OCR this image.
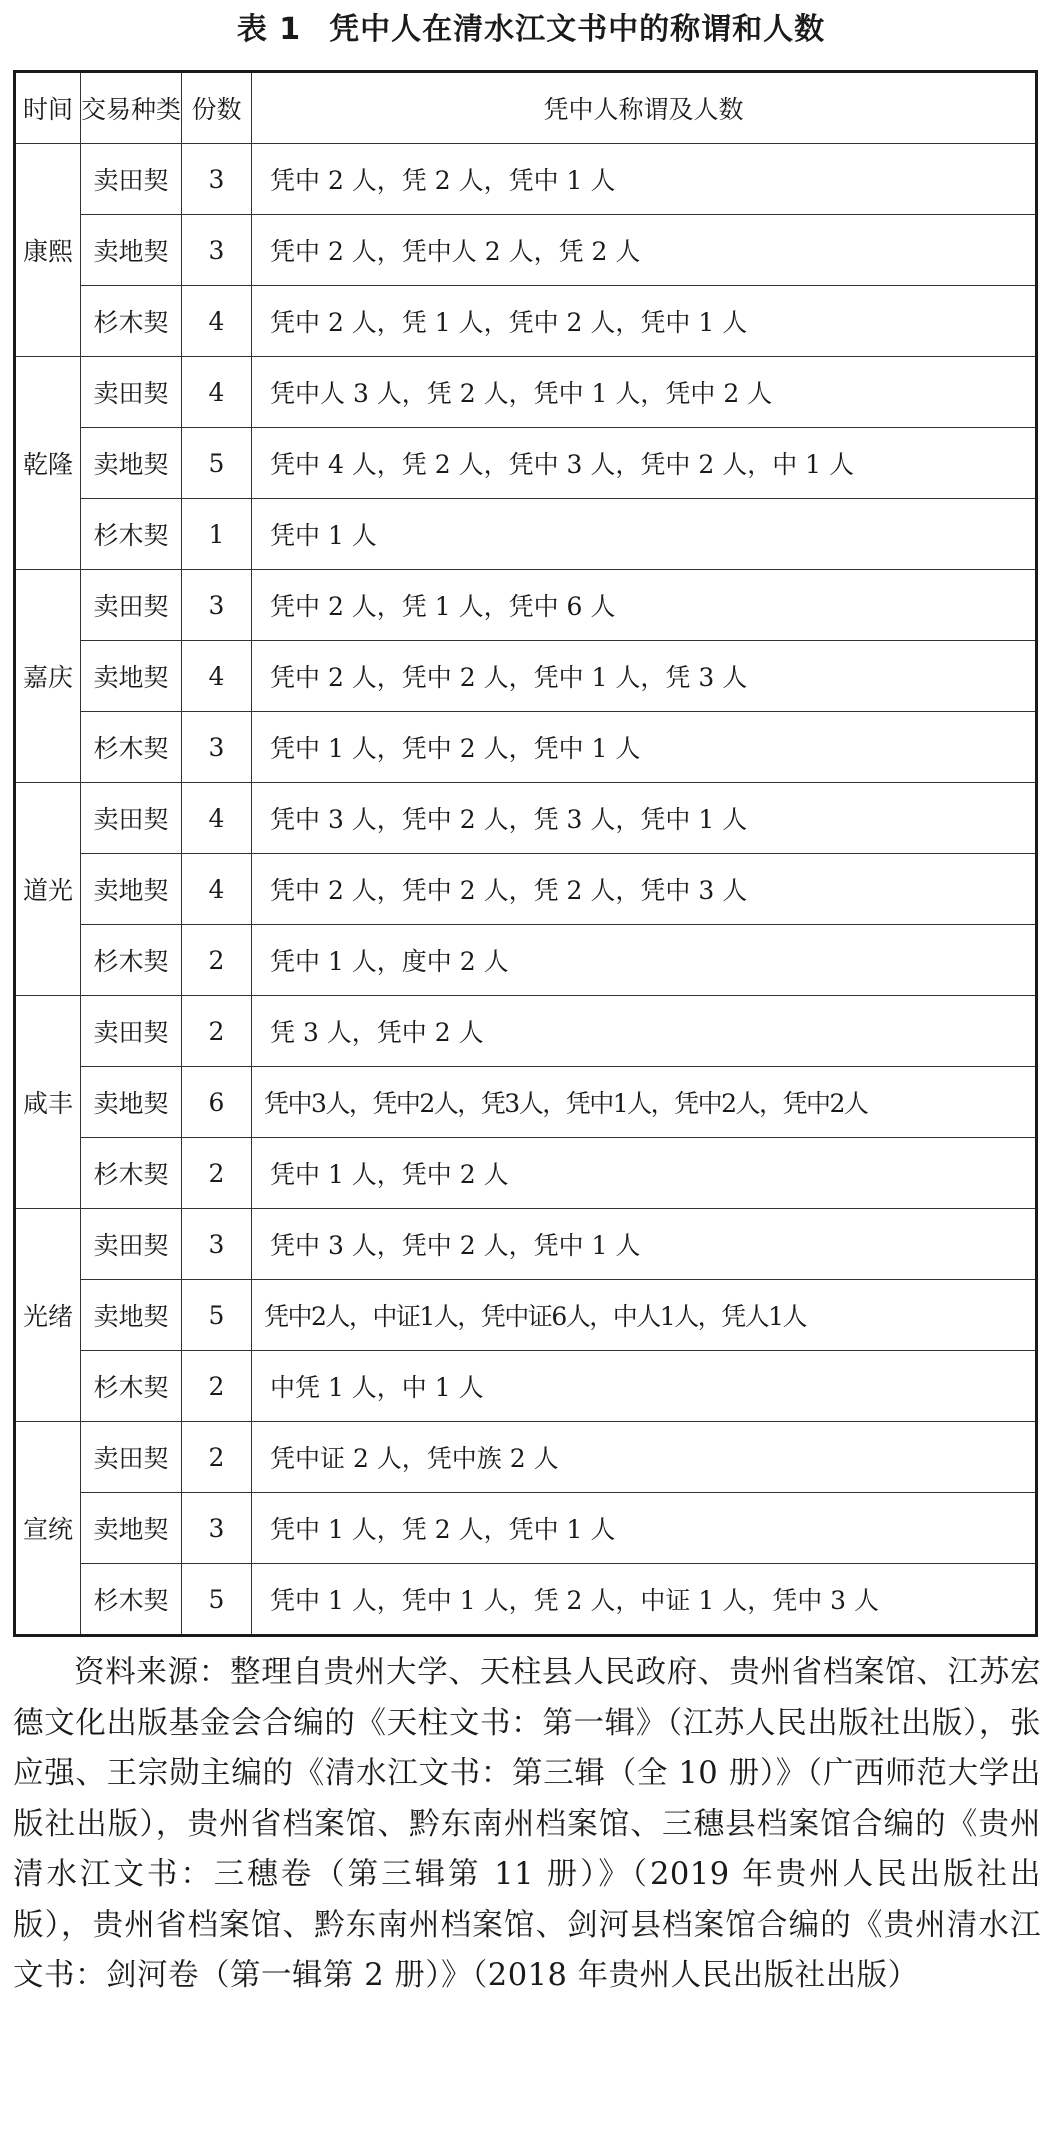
表 1 凭中人在清水江文书中的称谓和人数
时间	交易种类	份数	凭中人称谓及人数
康熙	卖田契	3	凭中 2 人，凭 2 人，凭中 1 人
	卖地契	3	凭中 2 人，凭中人 2 人，凭 2 人
	杉木契	4	凭中 2 人，凭 1 人，凭中 2 人，凭中 1 人
乾隆	卖田契	4	凭中人 3 人，凭 2 人，凭中 1 人，凭中 2 人
	卖地契	5	凭中 4 人，凭 2 人，凭中 3 人，凭中 2 人，中 1 人
	杉木契	1	凭中 1 人
嘉庆	卖田契	3	凭中 2 人，凭 1 人，凭中 6 人
	卖地契	4	凭中 2 人，凭中 2 人，凭中 1 人，凭 3 人
	杉木契	3	凭中 1 人，凭中 2 人，凭中 1 人
道光	卖田契	4	凭中 3 人，凭中 2 人，凭 3 人，凭中 1 人
	卖地契	4	凭中 2 人，凭中 2 人，凭 2 人，凭中 3 人
	杉木契	2	凭中 1 人，度中 2 人
咸丰	卖田契	2	凭 3 人，凭中 2 人
	卖地契	6	凭中3人，凭中2人，凭3人，凭中1人，凭中2人，凭中2人
	杉木契	2	凭中 1 人，凭中 2 人
光绪	卖田契	3	凭中 3 人，凭中 2 人，凭中 1 人
	卖地契	5	凭中2人，中证1人，凭中证6人，中人1人，凭人1人
	杉木契	2	中凭 1 人，中 1 人
宣统	卖田契	2	凭中证 2 人，凭中族 2 人
	卖地契	3	凭中 1 人，凭 2 人，凭中 1 人
	杉木契	5	凭中 1 人，凭中 1 人，凭 2 人，中证 1 人，凭中 3 人
资料来源：整理自贵州大学、天柱县人民政府、贵州省档案馆、江苏宏德文化出版基金会合编的《天柱文书：第一辑》（江苏人民出版社出版），张应强、王宗勋主编的《清水江文书：第三辑（全 10 册）》（广西师范大学出版社出版），贵州省档案馆、黔东南州档案馆、三穗县档案馆合编的《贵州清水江文书：三穗卷（第三辑第 11 册）》（2019 年贵州人民出版社出版），贵州省档案馆、黔东南州档案馆、剑河县档案馆合编的《贵州清水江文书：剑河卷（第一辑第 2 册）》（2018 年贵州人民出版社出版）
